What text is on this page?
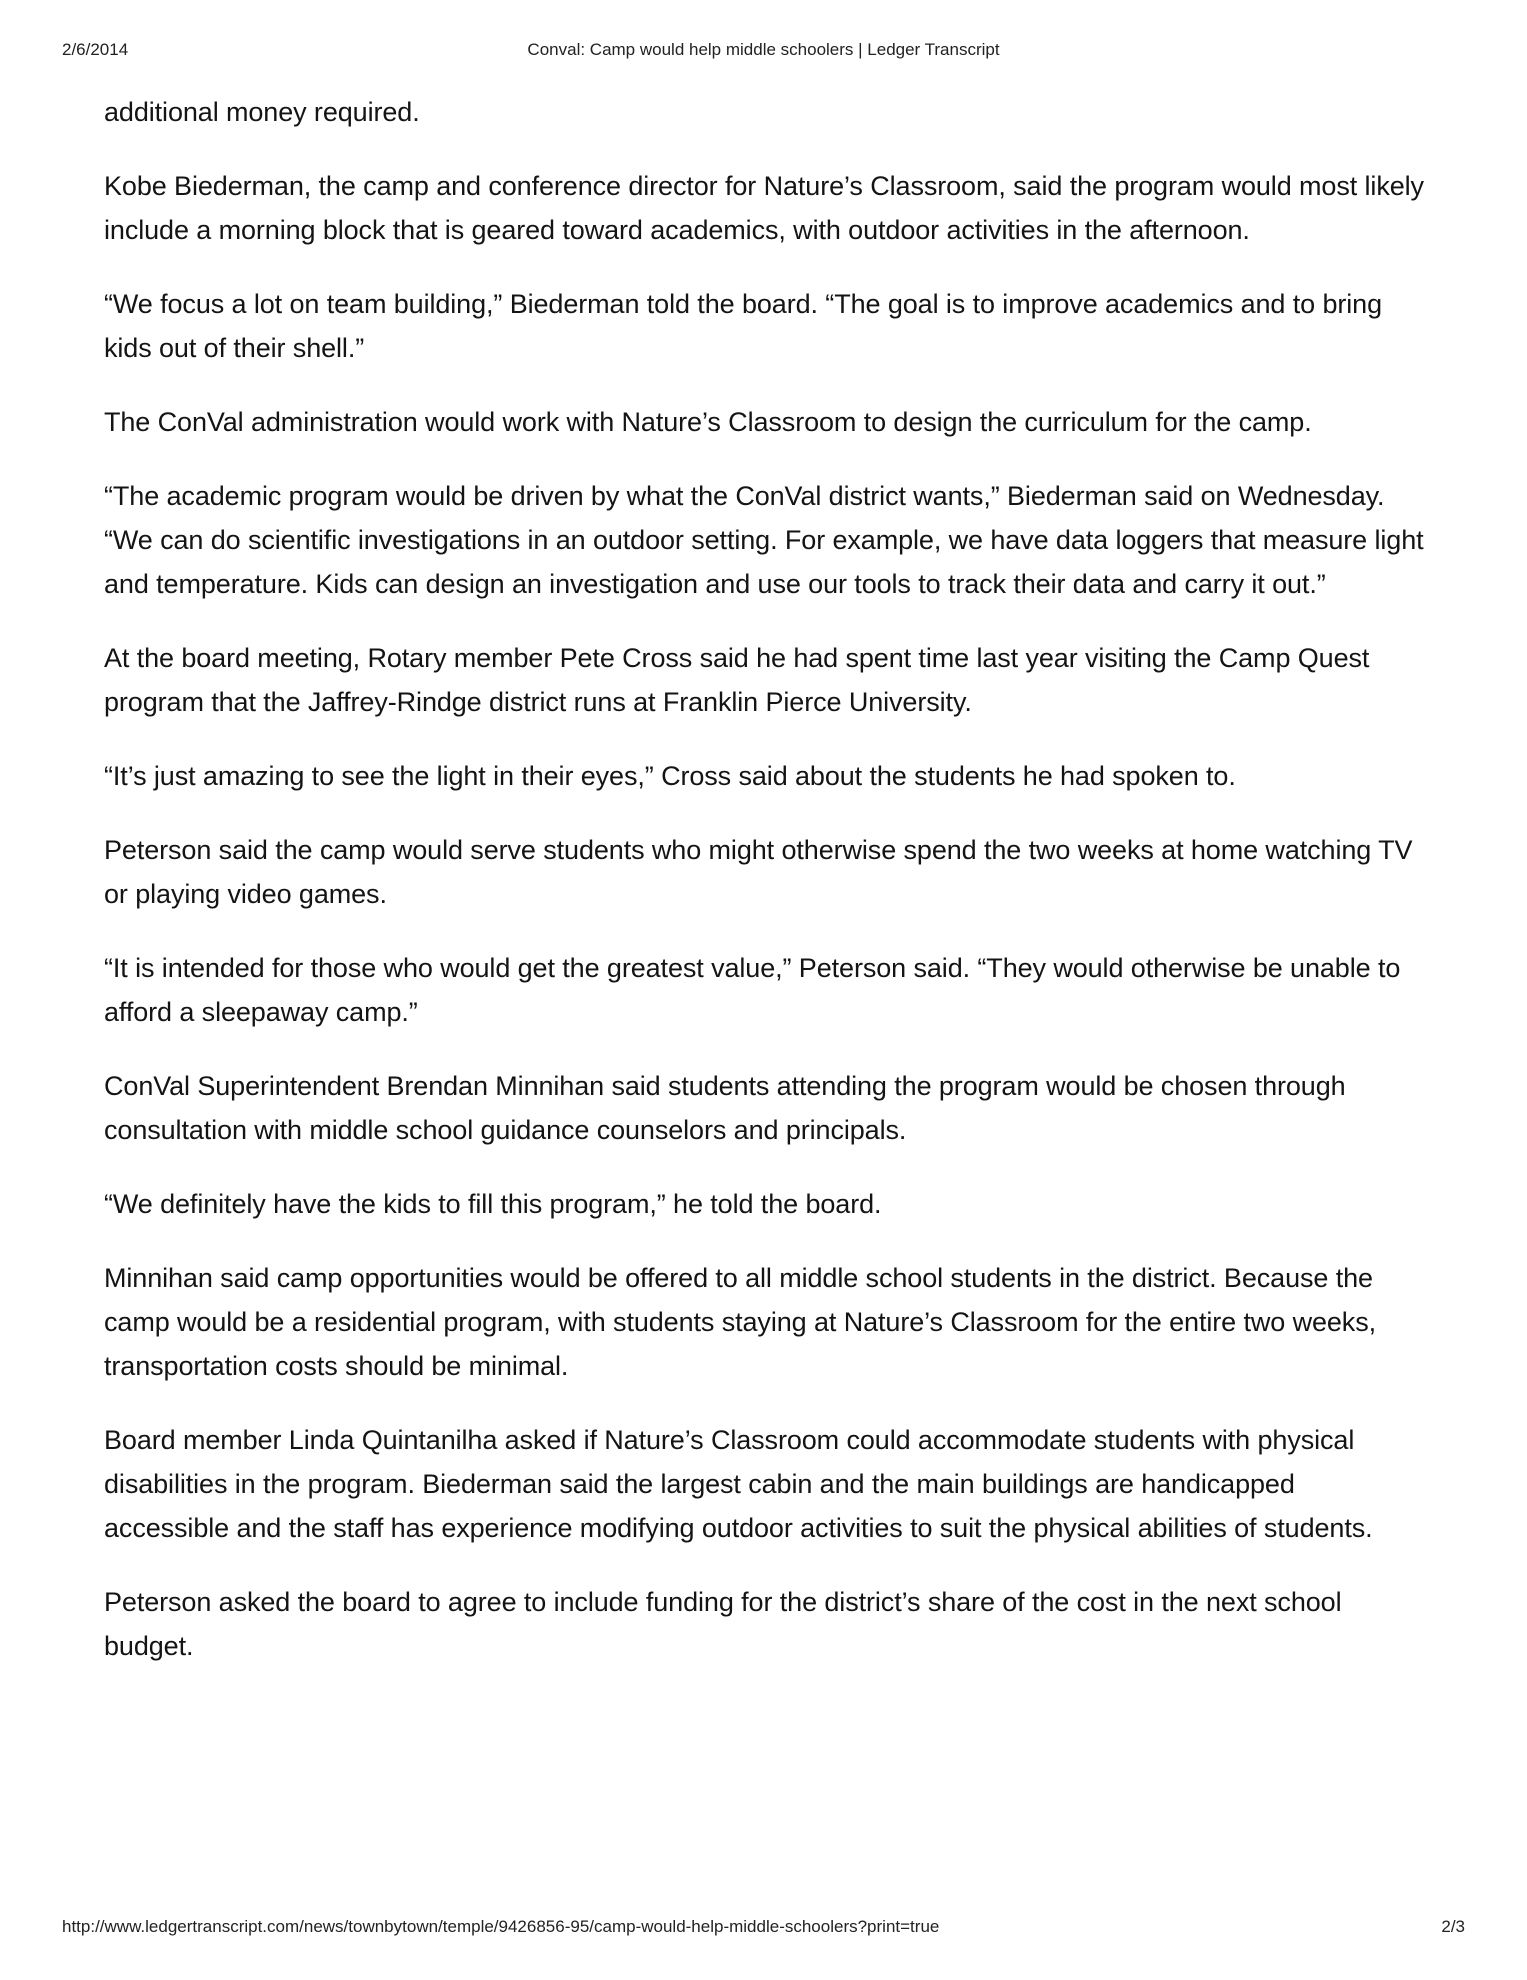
2/6/2014	Conval: Camp would help middle schoolers | Ledger Transcript

additional money required.

Kobe Biederman, the camp and conference director for Nature’s Classroom, said the program would most likely include a morning block that is geared toward academics, with outdoor activities in the afternoon.

“We focus a lot on team building,” Biederman told the board. “The goal is to improve academics and to bring kids out of their shell.”

The ConVal administration would work with Nature’s Classroom to design the curriculum for the camp.

“The academic program would be driven by what the ConVal district wants,” Biederman said on Wednesday. “We can do scientific investigations in an outdoor setting. For example, we have data loggers that measure light and temperature. Kids can design an investigation and use our tools to track their data and carry it out.”

At the board meeting, Rotary member Pete Cross said he had spent time last year visiting the Camp Quest program that the Jaffrey-Rindge district runs at Franklin Pierce University.

“It’s just amazing to see the light in their eyes,” Cross said about the students he had spoken to.

Peterson said the camp would serve students who might otherwise spend the two weeks at home watching TV or playing video games.

“It is intended for those who would get the greatest value,” Peterson said. “They would otherwise be unable to afford a sleepaway camp.”

ConVal Superintendent Brendan Minnihan said students attending the program would be chosen through consultation with middle school guidance counselors and principals.

“We definitely have the kids to fill this program,” he told the board.

Minnihan said camp opportunities would be offered to all middle school students in the district. Because the camp would be a residential program, with students staying at Nature’s Classroom for the entire two weeks, transportation costs should be minimal.

Board member Linda Quintanilha asked if Nature’s Classroom could accommodate students with physical disabilities in the program. Biederman said the largest cabin and the main buildings are handicapped accessible and the staff has experience modifying outdoor activities to suit the physical abilities of students.

Peterson asked the board to agree to include funding for the district’s share of the cost in the next school budget.

http://www.ledgertranscript.com/news/townbytown/temple/9426856-95/camp-would-help-middle-schoolers?print=true	2/3
